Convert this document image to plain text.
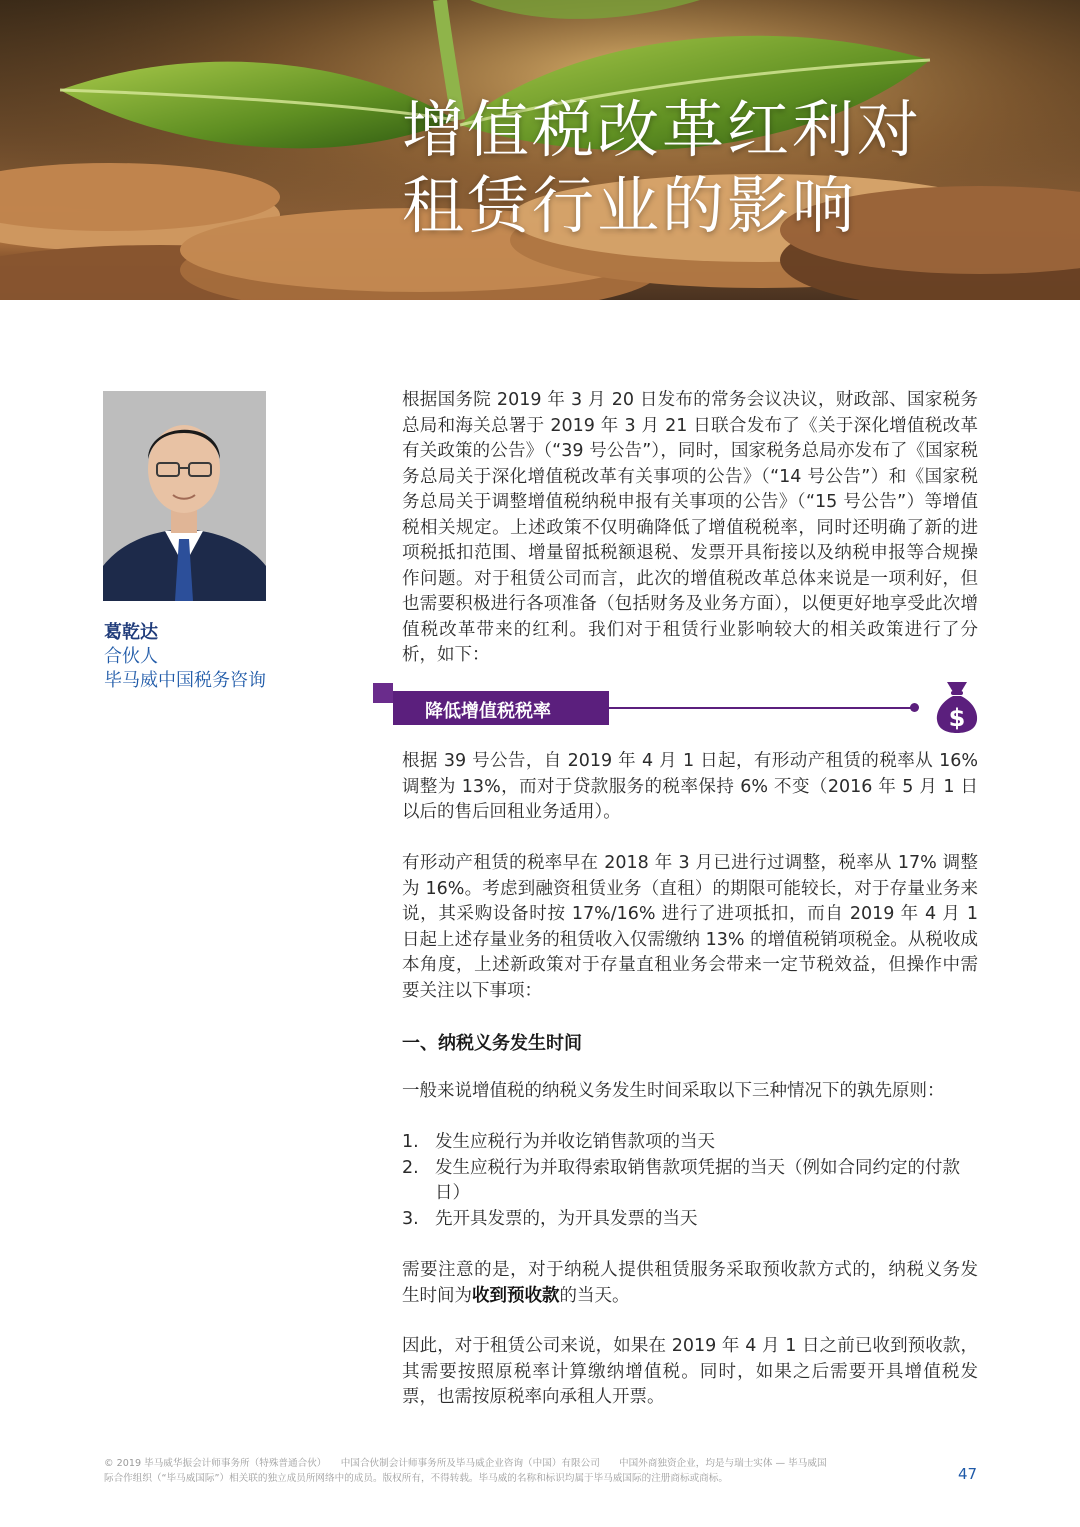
增值税改革红利对
租赁行业的影响
葛乾达
合伙人
毕马威中国税务咨询

根据国务院 2019 年 3 月 20 日发布的常务会议决议，财政部、国家税务总局和海关总署于 2019 年 3 月 21 日联合发布了《关于深化增值税改革有关政策的公告》（“39 号公告”），同时，国家税务总局亦发布了《国家税务总局关于深化增值税改革有关事项的公告》（“14 号公告”）和《国家税务总局关于调整增值税纳税申报有关事项的公告》（“15 号公告”）等增值税相关规定。上述政策不仅明确降低了增值税税率，同时还明确了新的进项税抵扣范围、增量留抵税额退税、发票开具衔接以及纳税申报等合规操作问题。对于租赁公司而言，此次的增值税改革总体来说是一项利好，但也需要积极进行各项准备（包括财务及业务方面），以便更好地享受此次增值税改革带来的红利。我们对于租赁行业影响较大的相关政策进行了分析，如下：

降低增值税税率	$

根据 39 号公告，自 2019 年 4 月 1 日起，有形动产租赁的税率从 16% 调整为 13%，而对于贷款服务的税率保持 6% 不变（2016 年 5 月 1 日以后的售后回租业务适用）。

有形动产租赁的税率早在 2018 年 3 月已进行过调整，税率从 17% 调整为 16%。考虑到融资租赁业务（直租）的期限可能较长，对于存量业务来说，其采购设备时按 17%/16% 进行了进项抵扣，而自 2019 年 4 月 1 日起上述存量业务的租赁收入仅需缴纳 13% 的增值税销项税金。从税收成本角度，上述新政策对于存量直租业务会带来一定节税效益，但操作中需要关注以下事项：

一、纳税义务发生时间

一般来说增值税的纳税义务发生时间采取以下三种情况下的孰先原则：

1. 发生应税行为并收讫销售款项的当天
2. 发生应税行为并取得索取销售款项凭据的当天（例如合同约定的付款日）
3. 先开具发票的，为开具发票的当天

需要注意的是，对于纳税人提供租赁服务采取预收款方式的，纳税义务发生时间为收到预收款的当天。

因此，对于租赁公司来说，如果在 2019 年 4 月 1 日之前已收到预收款，其需要按照原税率计算缴纳增值税。同时，如果之后需要开具增值税发票，也需按原税率向承租人开票。

© 2019 毕马威华振会计师事务所（特殊普通合伙）　　中国合伙制会计师事务所及毕马威企业咨询（中国）有限公司　　中国外商独资企业，均是与瑞士实体 — 毕马威国际合作组织（“毕马威国际”）相关联的独立成员所网络中的成员。版权所有，不得转载。毕马威的名称和标识均属于毕马威国际的注册商标或商标。	47
